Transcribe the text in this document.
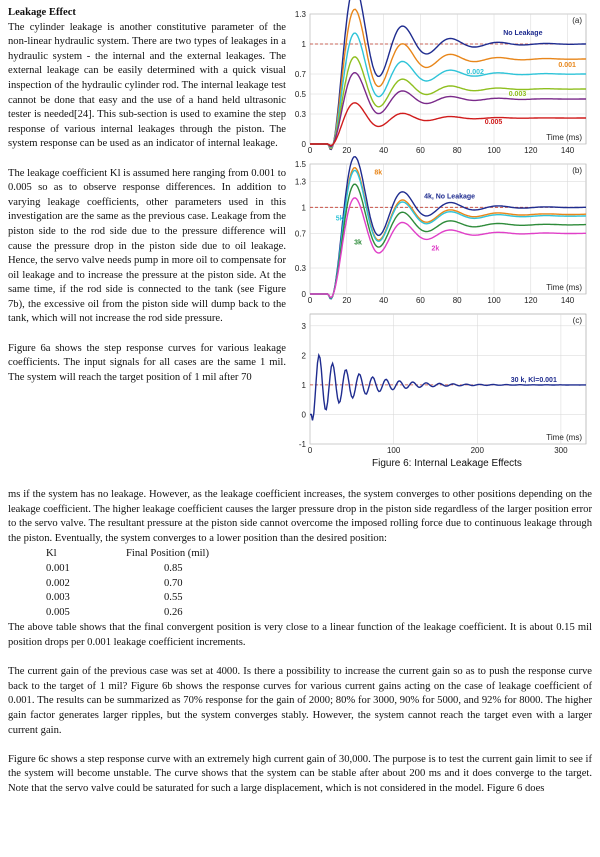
Leakage Effect

The cylinder leakage is another constitutive parameter of the non-linear hydraulic system. There are two types of leakages in a hydraulic system - the internal and the external leakages. The external leakage can be easily determined with a quick visual inspection of the hydraulic cylinder rod. The internal leakage test cannot be done that easy and the use of a hand held ultrasonic tester is needed[24]. This sub-section is used to examine the step response of various internal leakages through the piston. The system response can be used as an indicator of internal leakage.

The leakage coefficient Kl is assumed here ranging from 0.001 to 0.005 so as to observe response differences. In addition to varying leakage coefficients, other parameters used in this investigation are the same as the previous case. Leakage from the piston side to the rod side due to the pressure difference will cause the pressure drop in the piston side due to oil leakage. Hence, the servo valve needs pump in more oil to compensate for oil leakage and to increase the pressure at the piston side. At the same time, if the rod side is connected to the tank (see Figure 7b), the excessive oil from the piston side will dump back to the tank, which will not increase the rod side pressure.

Figure 6a shows the step response curves for various leakage coefficients. The input signals for all cases are the same 1 mil. The system will reach the target position of 1 mil after 70

0	20	40	60	80	100	120	140
0
0.3
0.5
0.7
1
1.3
(a)
Time (ms)
No Leakage
0.001
0.002
0.003
0.005
0	20	40	60	80	100	120	140
0
0.3
0.7
1
1.3
1.5
(b)
Time (ms)
8k
4k, No Leakage
5k
3k
2k
0	100	200	300
-1
0
1
2
3
(c)
Time (ms)
30 k, Kl=0.001
Figure 6: Internal Leakage Effects

ms if the system has no leakage. However, as the leakage coefficient increases, the system converges to other positions depending on the leakage coefficient. The higher leakage coefficient causes the larger pressure drop in the piston side regardless of the larger position error to the servo valve. The resultant pressure at the piston side cannot overcome the imposed rolling force due to continuous leakage through the piston. Eventually, the system converges to a lower position than the desired position:

Kl	Final Position (mil)
0.001	0.85
0.002	0.70
0.003	0.55
0.005	0.26

The above table shows that the final convergent position is very close to a linear function of the leakage coefficient. It is about 0.15 mil position drops per 0.001 leakage coefficient increments.

The current gain of the previous case was set at 4000. Is there a possibility to increase the current gain so as to push the response curve back to the target of 1 mil? Figure 6b shows the response curves for various current gains acting on the case of leakage coefficient of 0.001. The results can be summarized as 70% response for the gain of 2000; 80% for 3000, 90% for 5000, and 92% for 8000. The higher gain factor generates larger ripples, but the system converges stably. However, the system cannot reach the target even with a larger current gain.

Figure 6c shows a step response curve with an extremely high current gain of 30,000. The purpose is to test the current gain limit to see if the system will become unstable. The curve shows that the system can be stable after about 200 ms and it does converge to the target. Note that the servo valve could be saturated for such a large displacement, which is not considered in the model. Figure 6 does
